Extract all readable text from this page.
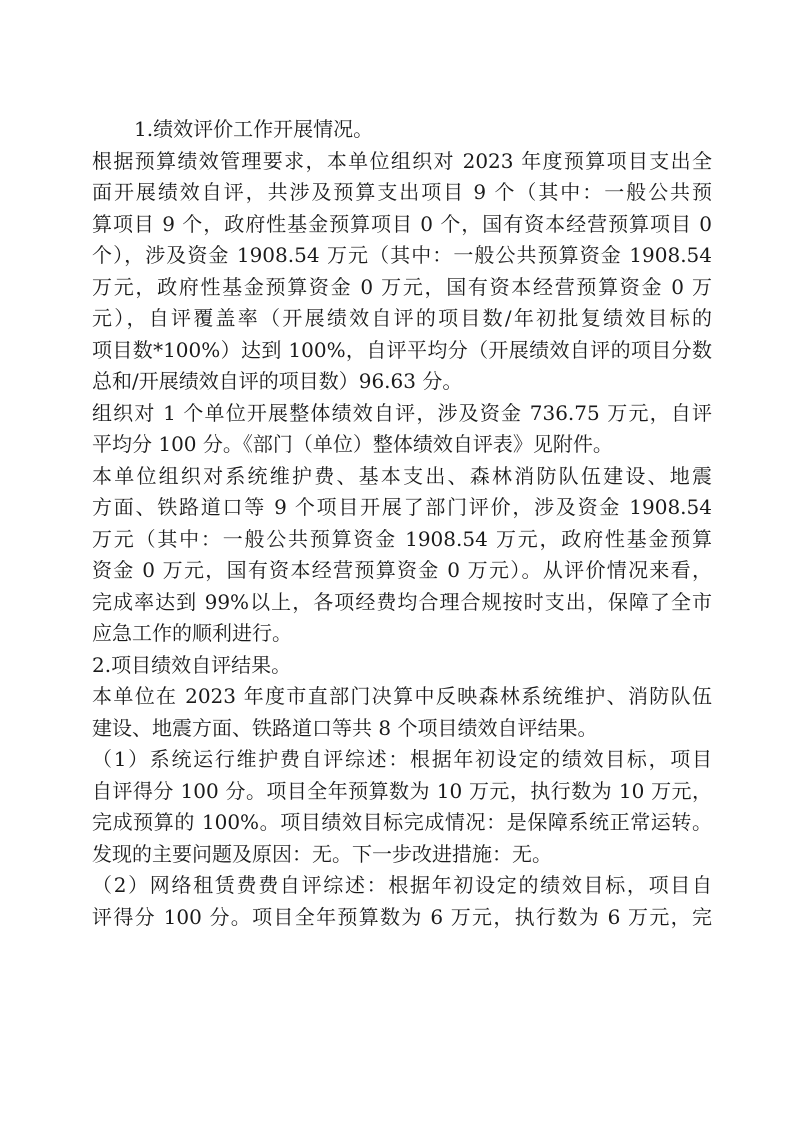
1.绩效评价工作开展情况。
根据预算绩效管理要求，本单位组织对 2023 年度预算项目支出全
面开展绩效自评，共涉及预算支出项目 9 个（其中：一般公共预
算项目 9 个，政府性基金预算项目 0 个，国有资本经营预算项目 0
个），涉及资金 1908.54 万元（其中：一般公共预算资金 1908.54
万元，政府性基金预算资金 0 万元，国有资本经营预算资金 0 万
元），自评覆盖率（开展绩效自评的项目数/年初批复绩效目标的
项目数*100%）达到 100%，自评平均分（开展绩效自评的项目分数
总和/开展绩效自评的项目数）96.63 分。
组织对 1 个单位开展整体绩效自评，涉及资金 736.75 万元，自评
平均分 100 分。《部门（单位）整体绩效自评表》见附件。
本单位组织对系统维护费、基本支出、森林消防队伍建设、地震
方面、铁路道口等 9 个项目开展了部门评价，涉及资金 1908.54
万元（其中：一般公共预算资金 1908.54 万元，政府性基金预算
资金 0 万元，国有资本经营预算资金 0 万元）。从评价情况来看，
完成率达到 99%以上，各项经费均合理合规按时支出，保障了全市
应急工作的顺利进行。
2.项目绩效自评结果。
本单位在 2023 年度市直部门决算中反映森林系统维护、消防队伍
建设、地震方面、铁路道口等共 8 个项目绩效自评结果。
（1）系统运行维护费自评综述：根据年初设定的绩效目标，项目
自评得分 100 分。项目全年预算数为 10 万元，执行数为 10 万元，
完成预算的 100%。项目绩效目标完成情况：是保障系统正常运转。
发现的主要问题及原因：无。下一步改进措施：无。
（2）网络租赁费费自评综述：根据年初设定的绩效目标，项目自
评得分 100 分。项目全年预算数为 6 万元，执行数为 6 万元，完
